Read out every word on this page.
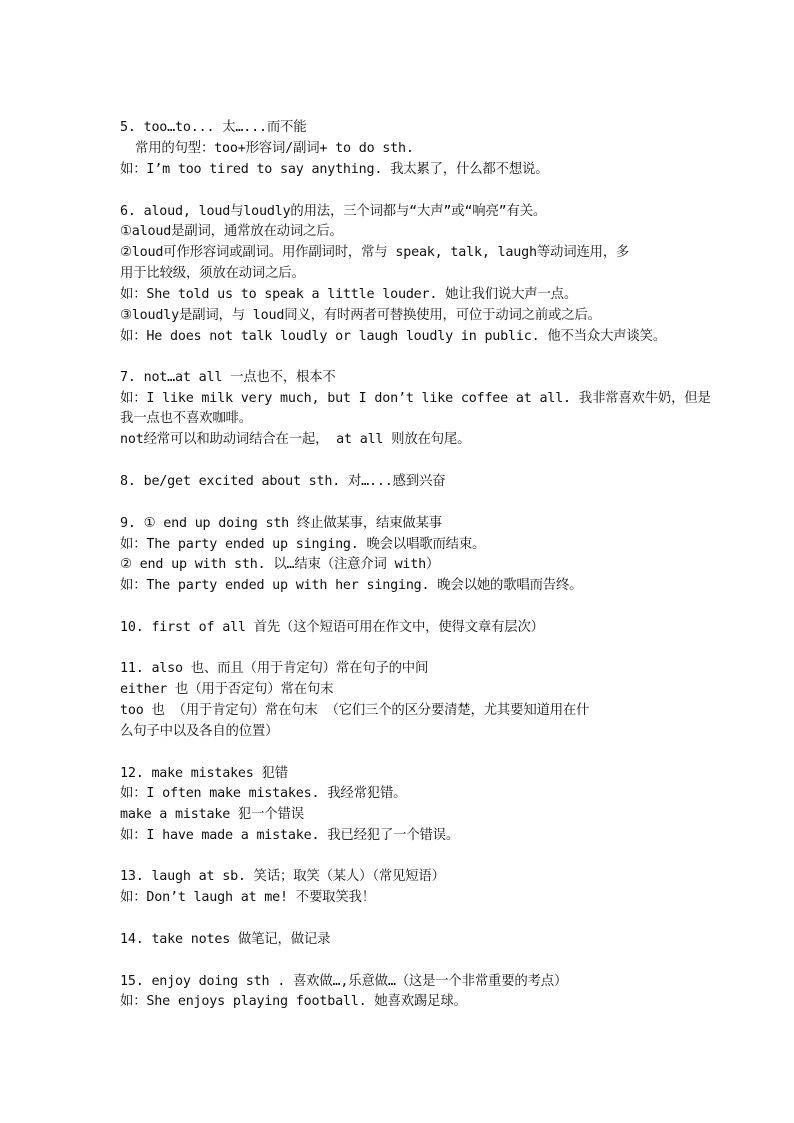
5. too…to... 太…...而不能
常用的句型：too+形容词/副词+ to do sth.
如：I’m too tired to say anything. 我太累了，什么都不想说。
6. aloud, loud与loudly的用法，三个词都与“大声”或“响亮”有关。
①aloud是副词，通常放在动词之后。
②loud可作形容词或副词。用作副词时，常与 speak, talk, laugh等动词连用，多
用于比较级，须放在动词之后。
如：She told us to speak a little louder. 她让我们说大声一点。
③loudly是副词，与 loud同义，有时两者可替换使用，可位于动词之前或之后。
如：He does not talk loudly or laugh loudly in public. 他不当众大声谈笑。
7. not…at all 一点也不，根本不
如：I like milk very much, but I don’t like coffee at all. 我非常喜欢牛奶，但是
我一点也不喜欢咖啡。
not经常可以和助动词结合在一起， at all 则放在句尾。
8. be/get excited about sth. 对…...感到兴奋
9. ① end up doing sth 终止做某事，结束做某事
如：The party ended up singing. 晚会以唱歌而结束。
② end up with sth. 以…结束（注意介词 with）
如：The party ended up with her singing. 晚会以她的歌唱而告终。
10. first of all 首先（这个短语可用在作文中，使得文章有层次）
11. also 也、而且（用于肯定句）常在句子的中间
either 也（用于否定句）常在句末
too 也 （用于肯定句）常在句末 （它们三个的区分要清楚，尤其要知道用在什
么句子中以及各自的位置）
12. make mistakes 犯错
如：I often make mistakes. 我经常犯错。
make a mistake 犯一个错误
如：I have made a mistake. 我已经犯了一个错误。
13. laugh at sb. 笑话；取笑（某人）（常见短语）
如：Don’t laugh at me! 不要取笑我！
14. take notes 做笔记，做记录
15. enjoy doing sth . 喜欢做…,乐意做…（这是一个非常重要的考点）
如：She enjoys playing football. 她喜欢踢足球。
